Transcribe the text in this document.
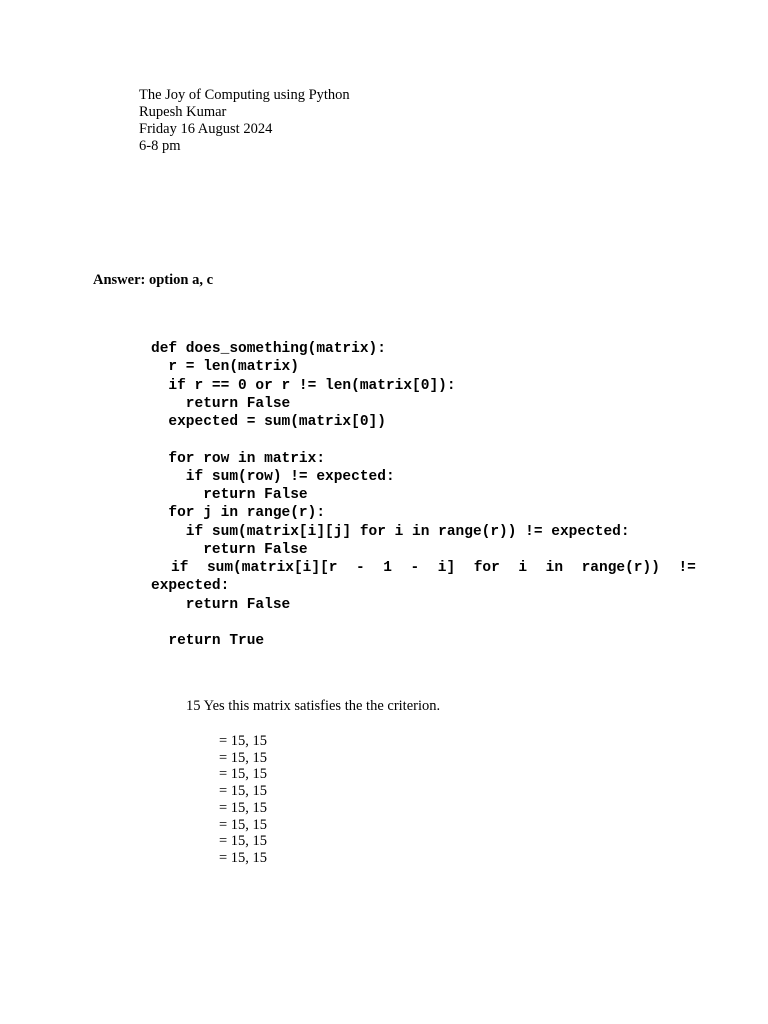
The Joy of Computing using Python
Rupesh Kumar
Friday 16 August 2024
6-8 pm
Answer: option a, c
def does_something(matrix):
r = len(matrix)
if r == 0 or r != len(matrix[0]):
return False
expected = sum(matrix[0])
for row in matrix:
if sum(row) != expected:
return False
for j in range(r):
if sum(matrix[i][j] for i in range(r)) != expected:
return False
if sum(matrix[i][r - 1 - i] for i in range(r)) !=
expected:
return False
return True
15 Yes this matrix satisfies the the criterion.
= 15, 15
= 15, 15
= 15, 15
= 15, 15
= 15, 15
= 15, 15
= 15, 15
= 15, 15
